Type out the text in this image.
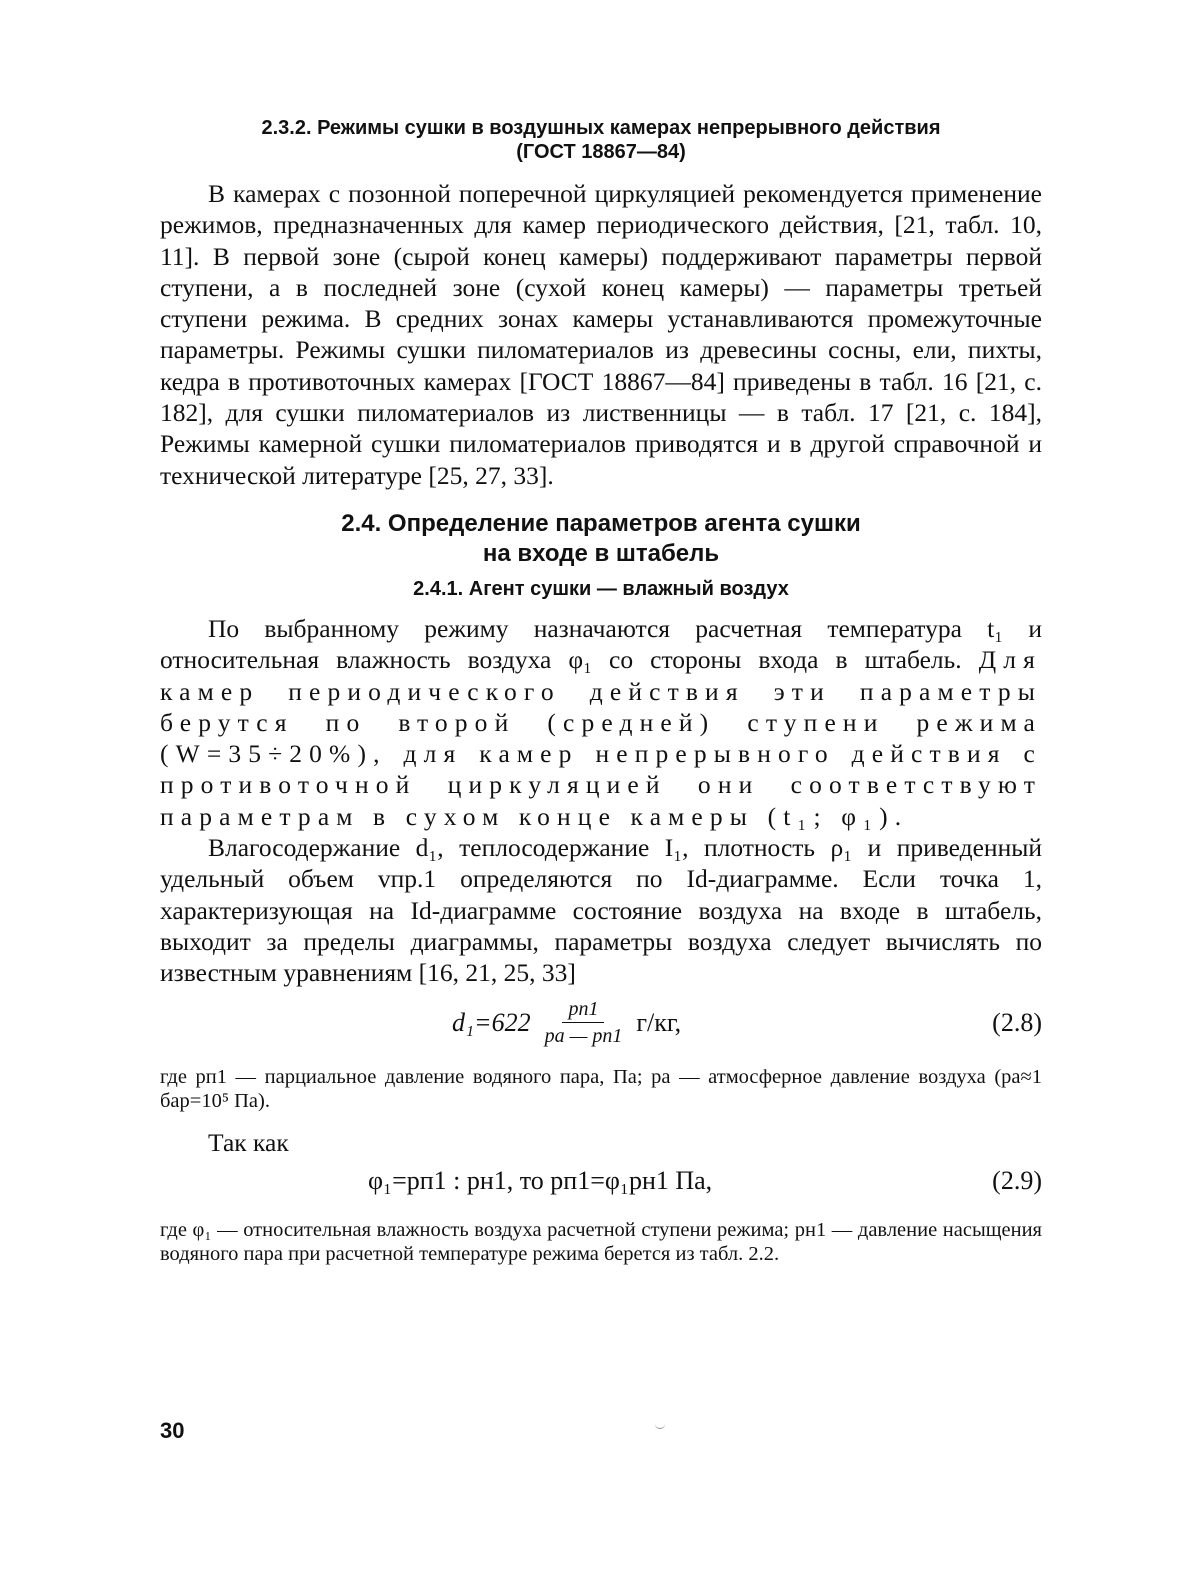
2.3.2. Режимы сушки в воздушных камерах непрерывного действия
(ГОСТ 18867—84)

В камерах с позонной поперечной циркуляцией рекомендуется применение режимов, предназначенных для камер периодического действия, [21, табл. 10, 11]. В первой зоне (сырой конец камеры) поддерживают параметры первой ступени, а в последней зоне (сухой конец камеры) — параметры третьей ступени режима. В средних зонах камеры устанавливаются промежуточные параметры. Режимы сушки пиломатериалов из древесины сосны, ели, пихты, кедра в противоточных камерах [ГОСТ 18867—84] приведены в табл. 16 [21, с. 182], для сушки пиломатериалов из лиственницы — в табл. 17 [21, с. 184], Режимы камерной сушки пиломатериалов приводятся и в другой справочной и технической литературе [25, 27, 33].

2.4. Определение параметров агента сушки
на входе в штабель
2.4.1. Агент сушки — влажный воздух

По выбранному режиму назначаются расчетная температура t₁ и относительная влажность воздуха φ₁ со стороны входа в штабель. Для камер периодического действия эти параметры берутся по второй (средней) ступени режима (W=35÷20%), для камер непрерывного действия с противоточной циркуляцией они соответствуют параметрам в сухом конце камеры (t₁; φ₁).

Влагосодержание d₁, теплосодержание I₁, плотность ρ₁ и приведенный удельный объем vпр.1 определяются по Id-диаграмме. Если точка 1, характеризующая на Id-диаграмме состояние воздуха на входе в штабель, выходит за пределы диаграммы, параметры воздуха следует вычислять по известным уравнениям [16, 21, 25, 33]

$d_1=622 \frac{pп1}{pа — pп1} г/кг$,	(2.8)

где pп1 — парциальное давление водяного пара, Па; pа — атмосферное давление воздуха (pа≈1 бар=10⁵ Па).

Так как

φ₁=pп1 : pн1, то pп1=φ₁pн1 Па,	(2.9)

где φ₁ — относительная влажность воздуха расчетной ступени режима; pн1 — давление насыщения водяного пара при расчетной температуре режима берется из табл. 2.2.

30
